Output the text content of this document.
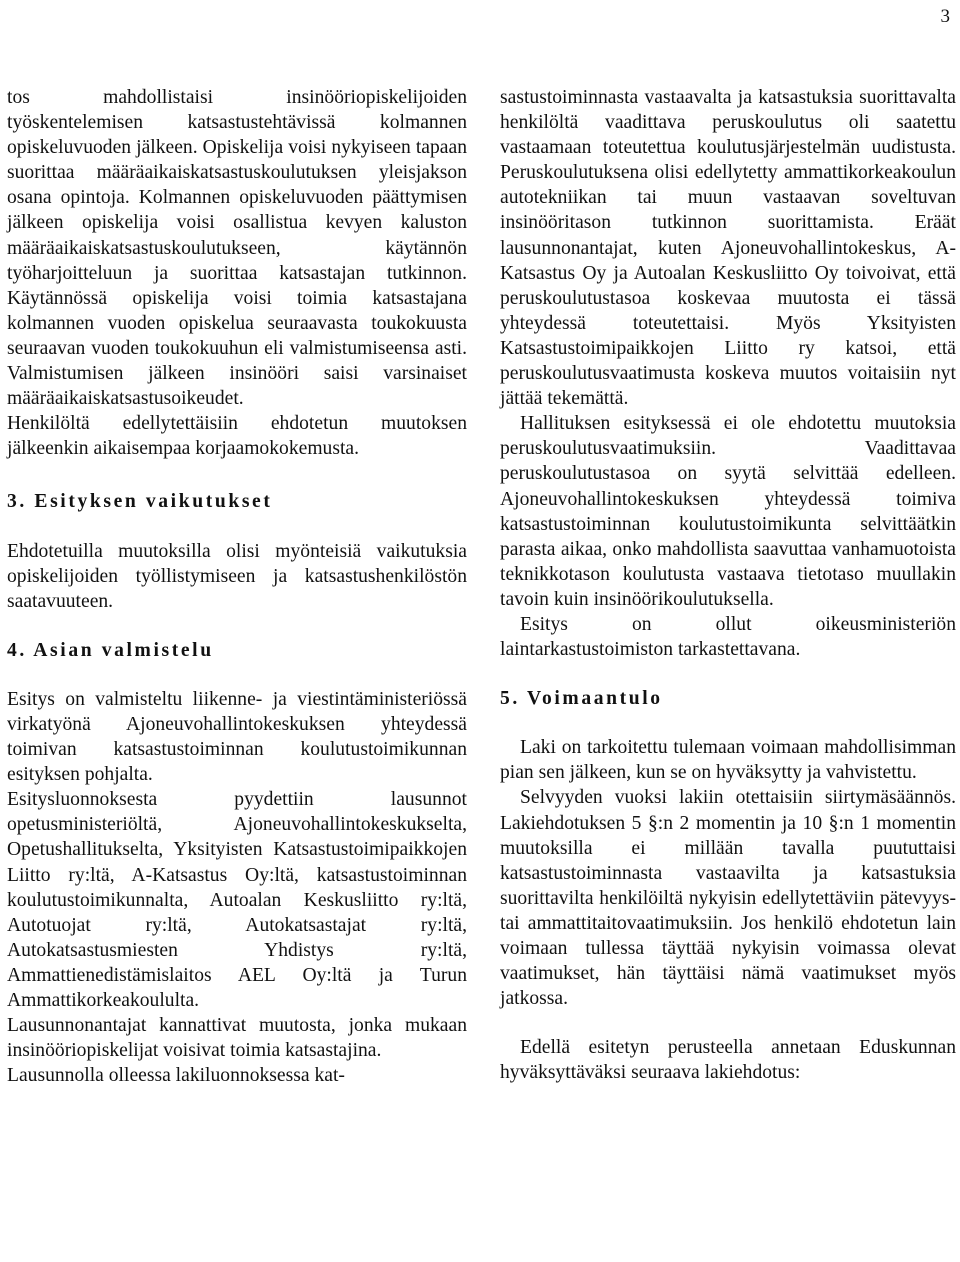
3

tos mahdollistaisi insinööriopiskelijoiden työskentelemisen katsastustehtävissä kolmannen opiskeluvuoden jälkeen. Opiskelija voisi nykyiseen tapaan suorittaa määräaikaiskatsastuskoulutuksen yleisjakson osana opintoja. Kolmannen opiskeluvuoden päättymisen jälkeen opiskelija voisi osallistua kevyen kaluston määräaikaiskatsastuskoulutukseen, käytännön työharjoitteluun ja suorittaa katsastajan tutkinnon. Käytännössä opiskelija voisi toimia katsastajana kolmannen vuoden opiskelua seuraavasta toukokuusta seuraavan vuoden toukokuuhun eli valmistumiseensa asti. Valmistumisen jälkeen insinööri saisi varsinaiset määräaikaiskatsastusoikeudet.

Henkilöltä edellytettäisiin ehdotetun muutoksen jälkeenkin aikaisempaa korjaamokokemusta.

3. Esityksen vaikutukset

Ehdotetuilla muutoksilla olisi myönteisiä vaikutuksia opiskelijoiden työllistymiseen ja katsastushenkilöstön saatavuuteen.

4. Asian valmistelu

Esitys on valmisteltu liikenne- ja viestintäministeriössä virkatyönä Ajoneuvohallintokeskuksen yhteydessä toimivan katsastustoiminnan koulutustoimikunnan esityksen pohjalta.

Esitysluonnoksesta pyydettiin lausunnot opetusministeriöltä, Ajoneuvohallintokeskukselta, Opetushallitukselta, Yksityisten Katsastustoimipaikkojen Liitto ry:ltä, A-Katsastus Oy:ltä, katsastustoiminnan koulutustoimikunnalta, Autoalan Keskusliitto ry:ltä, Autotuojat ry:ltä, Autokatsastajat ry:ltä, Autokatsastusmiesten Yhdistys ry:ltä, Ammattienedistämislaitos AEL Oy:ltä ja Turun Ammattikorkeakoululta.

Lausunnonantajat kannattivat muutosta, jonka mukaan insinööriopiskelijat voisivat toimia katsastajina.

Lausunnolla olleessa lakiluonnoksessa kat-

sastustoiminnasta vastaavalta ja katsastuksia suorittavalta henkilöltä vaadittava peruskoulutus oli saatettu vastaamaan toteutettua koulutusjärjestelmän uudistusta. Peruskoulutuksena olisi edellytetty ammattikorkeakoulun autotekniikan tai muun vastaavan soveltuvan insinööritason tutkinnon suorittamista. Eräät lausunnonantajat, kuten Ajoneuvohallintokeskus, A-Katsastus Oy ja Autoalan Keskusliitto Oy toivoivat, että peruskoulutustasoa koskevaa muutosta ei tässä yhteydessä toteutettaisi. Myös Yksityisten Katsastustoimipaikkojen Liitto ry katsoi, että peruskoulutusvaatimusta koskeva muutos voitaisiin nyt jättää tekemättä.

Hallituksen esityksessä ei ole ehdotettu muutoksia peruskoulutusvaatimuksiin. Vaadittavaa peruskoulutustasoa on syytä selvittää edelleen. Ajoneuvohallintokeskuksen yhteydessä toimiva katsastustoiminnan koulutustoimikunta selvittäätkin parasta aikaa, onko mahdollista saavuttaa vanhamuotoista teknikkotason koulutusta vastaava tietotaso muullakin tavoin kuin insinöörikoulutuksella.

Esitys on ollut oikeusministeriön laintarkastustoimiston tarkastettavana.

5. Voimaantulo

Laki on tarkoitettu tulemaan voimaan mahdollisimman pian sen jälkeen, kun se on hyväksytty ja vahvistettu.

Selvyyden vuoksi lakiin otettaisiin siirtymäsäännös. Lakiehdotuksen 5 §:n 2 momentin ja 10 §:n 1 momentin muutoksilla ei millään tavalla puututtaisi katsastustoiminnasta vastaavilta ja katsastuksia suorittavilta henkilöiltä nykyisin edellytettäviin pätevyys- tai ammattitaitovaatimuksiin. Jos henkilö ehdotetun lain voimaan tullessa täyttää nykyisin voimassa olevat vaatimukset, hän täyttäisi nämä vaatimukset myös jatkossa.

Edellä esitetyn perusteella annetaan Eduskunnan hyväksyttäväksi seuraava lakiehdotus:
